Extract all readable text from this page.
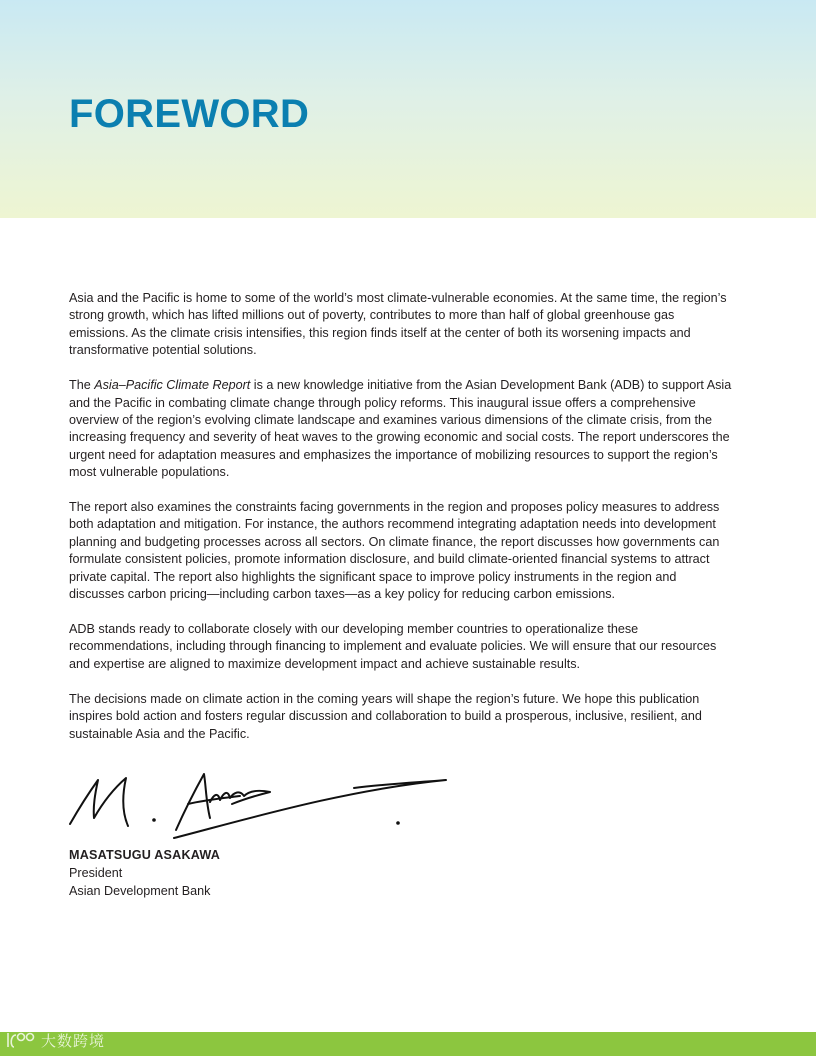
FOREWORD

Asia and the Pacific is home to some of the world’s most climate-vulnerable economies. At the same time, the region’s strong growth, which has lifted millions out of poverty, contributes to more than half of global greenhouse gas emissions. As the climate crisis intensifies, this region finds itself at the center of both its worsening impacts and transformative potential solutions.

The Asia–Pacific Climate Report is a new knowledge initiative from the Asian Development Bank (ADB) to support Asia and the Pacific in combating climate change through policy reforms. This inaugural issue offers a comprehensive overview of the region’s evolving climate landscape and examines various dimensions of the climate crisis, from the increasing frequency and severity of heat waves to the growing economic and social costs. The report underscores the urgent need for adaptation measures and emphasizes the importance of mobilizing resources to support the region’s most vulnerable populations.

The report also examines the constraints facing governments in the region and proposes policy measures to address both adaptation and mitigation. For instance, the authors recommend integrating adaptation needs into development planning and budgeting processes across all sectors. On climate finance, the report discusses how governments can formulate consistent policies, promote information disclosure, and build climate-oriented financial systems to attract private capital. The report also highlights the significant space to improve policy instruments in the region and discusses carbon pricing—including carbon taxes—as a key policy for reducing carbon emissions.

ADB stands ready to collaborate closely with our developing member countries to operationalize these recommendations, including through financing to implement and evaluate policies. We will ensure that our resources and expertise are aligned to maximize development impact and achieve sustainable results.

The decisions made on climate action in the coming years will shape the region’s future. We hope this publication inspires bold action and fosters regular discussion and collaboration to build a prosperous, inclusive, resilient, and sustainable Asia and the Pacific.

MASATSUGU ASAKAWA
President
Asian Development Bank
大数跨境
